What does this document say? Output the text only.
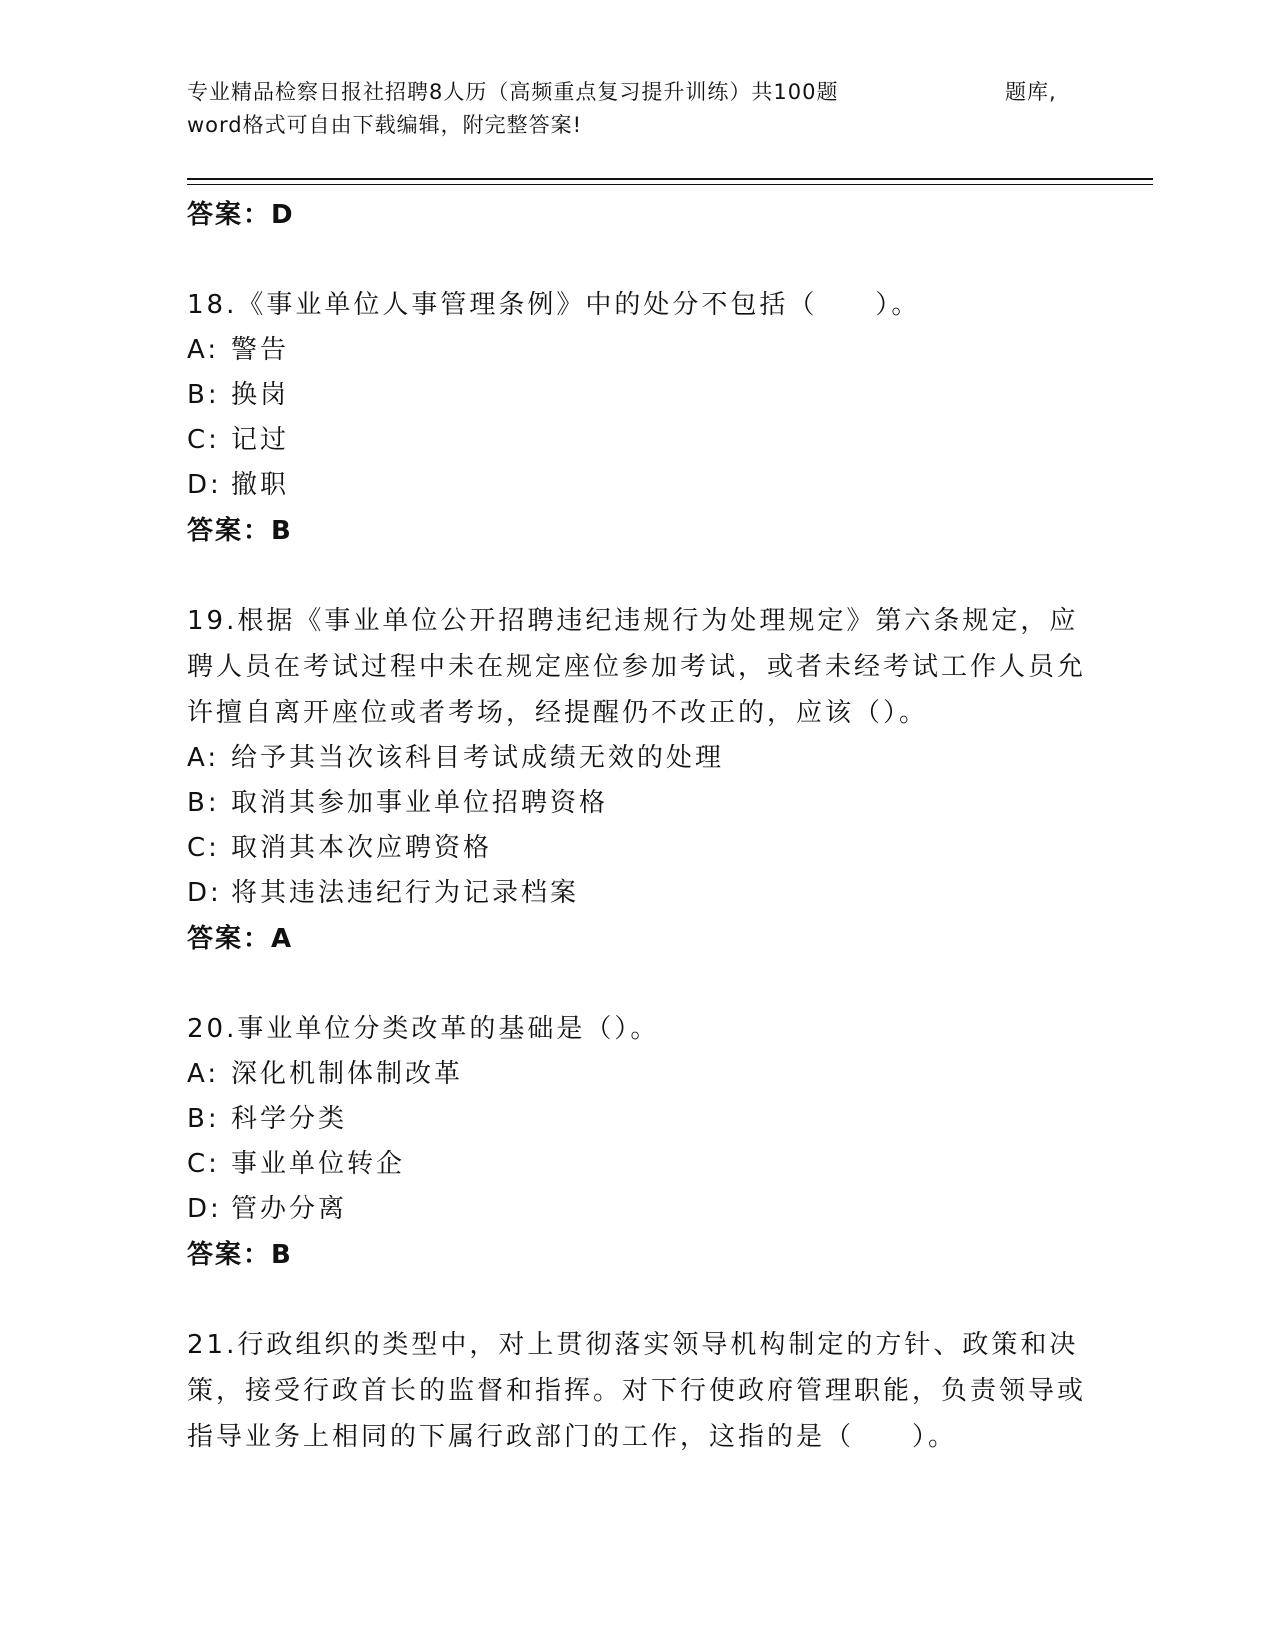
专业精品检察日报社招聘8人历（高频重点复习提升训练）共100题	题库,
word格式可自由下载编辑，附完整答案!
答案：D
18.《事业单位人事管理条例》中的处分不包括（　　）。
A: 警告
B: 换岗
C: 记过
D: 撤职
答案：B
19.根据《事业单位公开招聘违纪违规行为处理规定》第六条规定，应聘人员在考试过程中未在规定座位参加考试，或者未经考试工作人员允许擅自离开座位或者考场，经提醒仍不改正的，应该（）。
A: 给予其当次该科目考试成绩无效的处理
B: 取消其参加事业单位招聘资格
C: 取消其本次应聘资格
D: 将其违法违纪行为记录档案
答案：A
20.事业单位分类改革的基础是（）。
A: 深化机制体制改革
B: 科学分类
C: 事业单位转企
D: 管办分离
答案：B
21.行政组织的类型中，对上贯彻落实领导机构制定的方针、政策和决策，接受行政首长的监督和指挥。对下行使政府管理职能，负责领导或指导业务上相同的下属行政部门的工作，这指的是（　　）。
